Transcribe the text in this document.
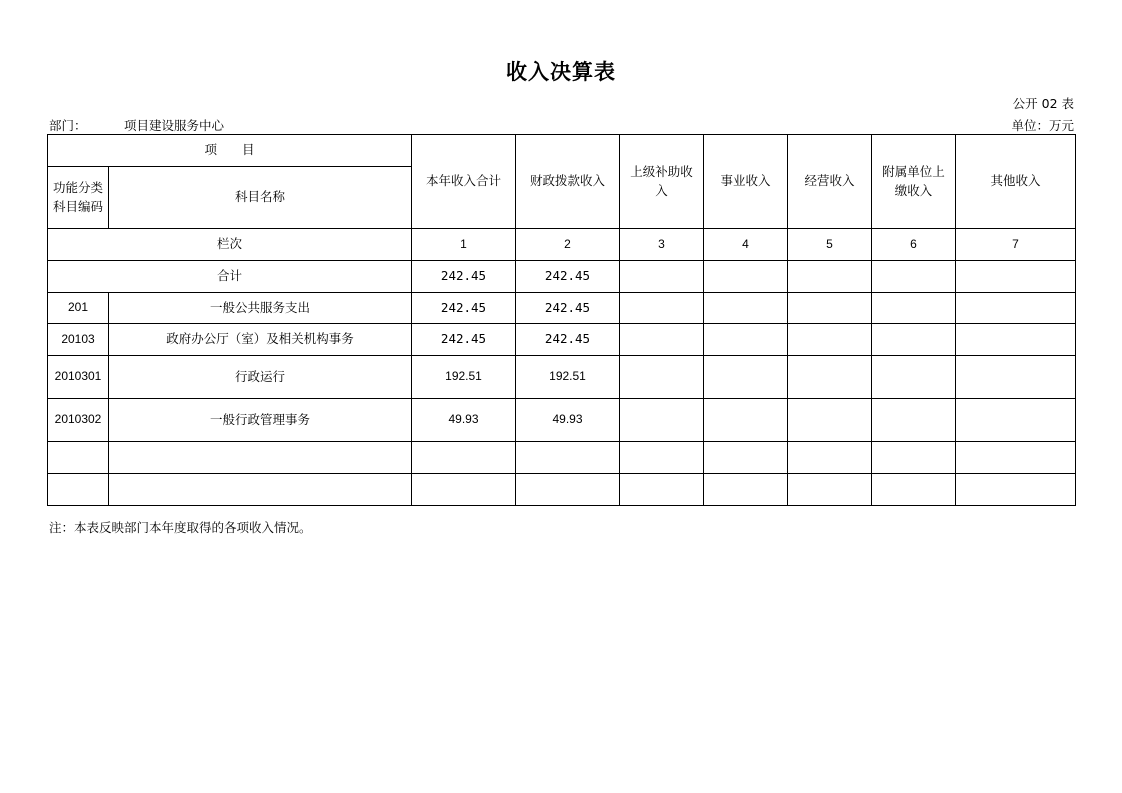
收入决算表
公开 02 表
部门：	项目建设服务中心	单位：万元
项　　目		本年收入合计	财政拨款收入	上级补助收入	事业收入	经营收入	附属单位上缴收入	其他收入
功能分类科目编码	科目名称							
栏次		1	2	3	4	5	6	7
合计		242.45	242.45					
201	一般公共服务支出	242.45	242.45					
20103	政府办公厅（室）及相关机构事务	242.45	242.45					
2010301	行政运行	192.51	192.51					
2010302	一般行政管理事务	49.93	49.93					

注：本表反映部门本年度取得的各项收入情况。
